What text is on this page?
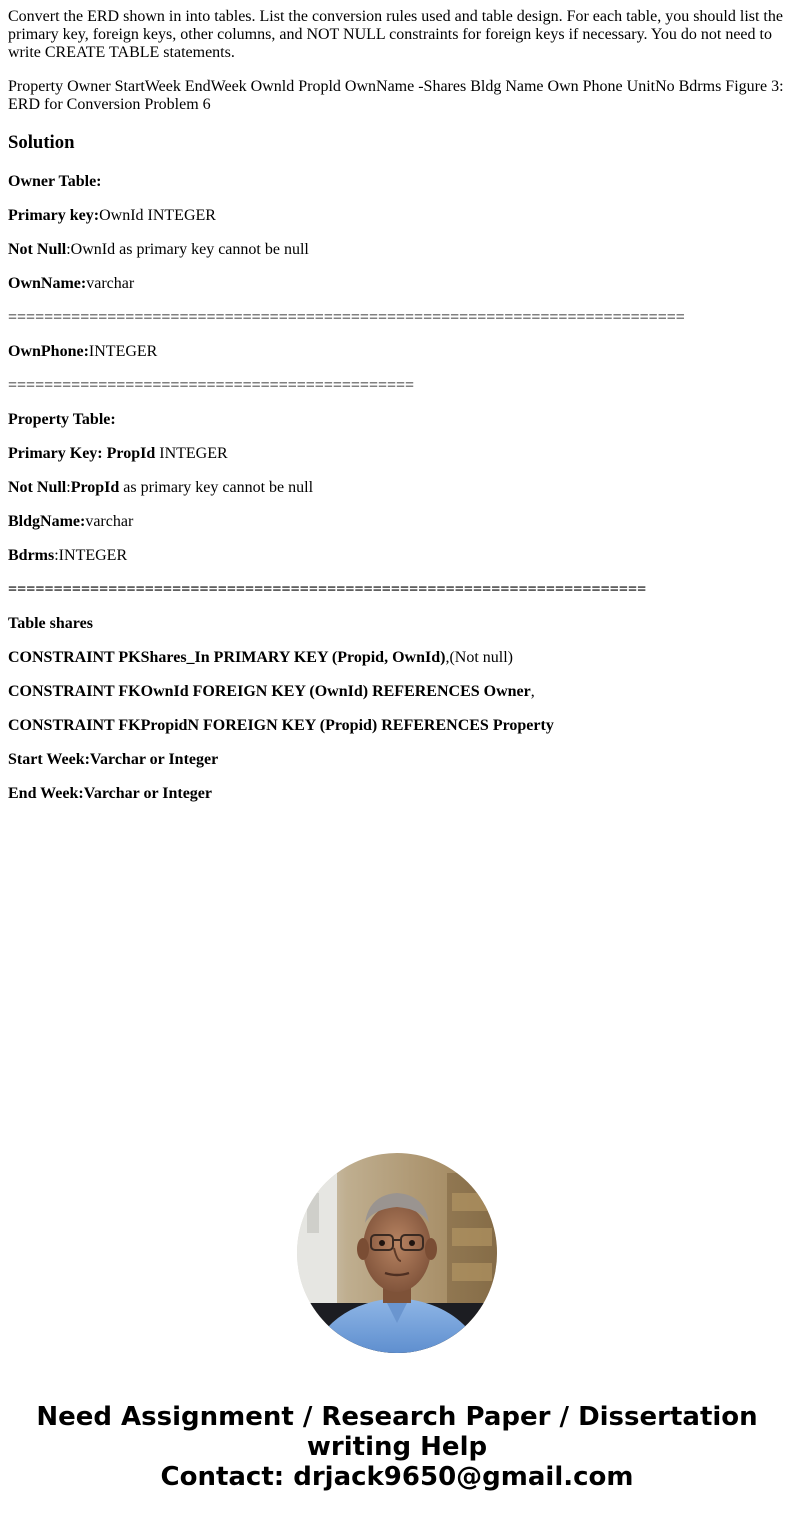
Convert the ERD shown in into tables. List the conversion rules used and table design. For each table, you should list the primary key, foreign keys, other columns, and NOT NULL constraints for foreign keys if necessary. You do not need to write CREATE TABLE statements.

Property Owner StartWeek EndWeek Ownld Propld OwnName -Shares Bldg Name Own Phone UnitNo Bdrms Figure 3: ERD for Conversion Problem 6

Solution

Owner Table:

Primary key:OwnId INTEGER

Not Null:OwnId as primary key cannot be null

OwnName:varchar

===========================================================================

OwnPhone:INTEGER

=============================================

Property Table:

Primary Key: PropId INTEGER

Not Null:PropId as primary key cannot be null

BldgName:varchar

Bdrms:INTEGER

======================================================================

Table shares

CONSTRAINT PKShares_In PRIMARY KEY (Propid, OwnId),(Not null)

CONSTRAINT FKOwnId FOREIGN KEY (OwnId) REFERENCES Owner,

CONSTRAINT FKPropidN FOREIGN KEY (Propid) REFERENCES Property

Start Week:Varchar or Integer

End Week:Varchar or Integer

Need Assignment / Research Paper / Dissertation
writing Help
Contact: drjack9650@gmail.com
